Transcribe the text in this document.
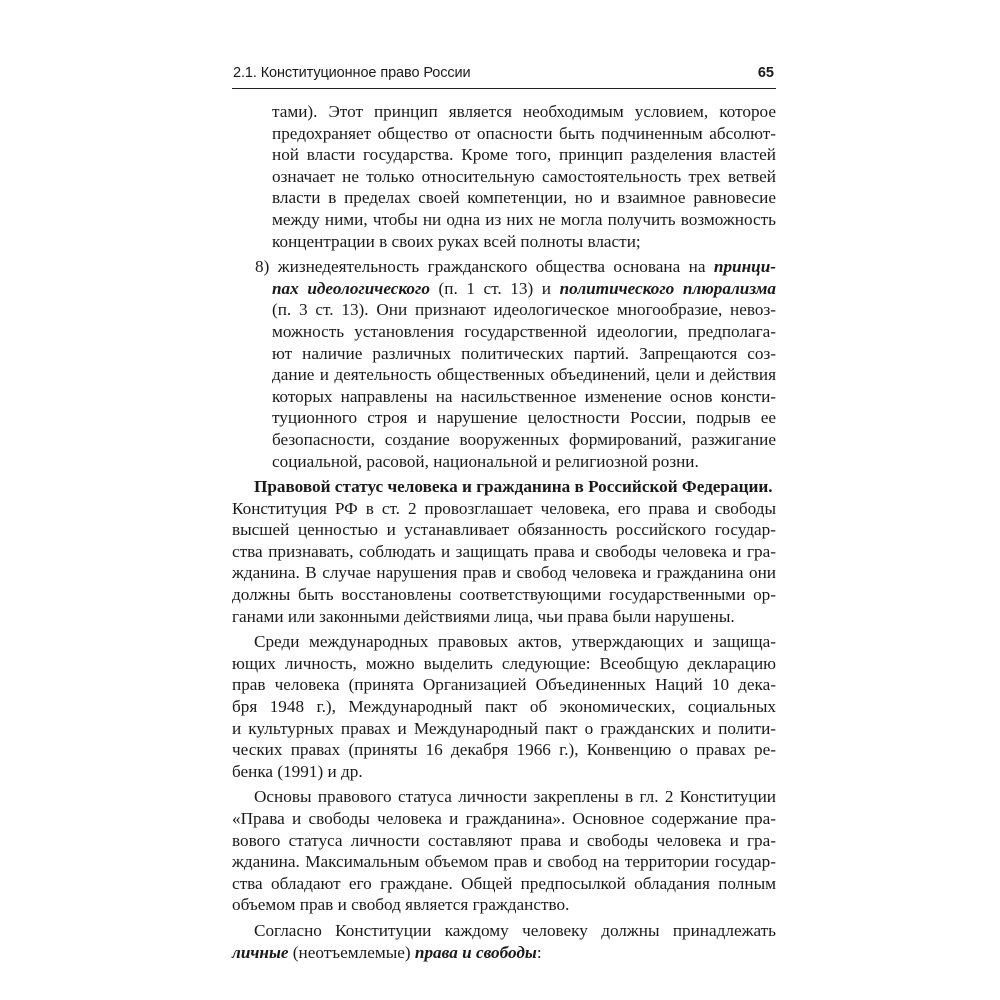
2.1. Конституционное право России	65
тами). Этот принцип является необходимым условием, которое
предохраняет общество от опасности быть подчиненным абсолют-
ной власти государства. Кроме того, принцип разделения властей
означает не только относительную самостоятельность трех ветвей
власти в пределах своей компетенции, но и взаимное равновесие
между ними, чтобы ни одна из них не могла получить возможность
концентрации в своих руках всей полноты власти;
8) жизнедеятельность гражданского общества основана на принци-
пах идеологического (п. 1 ст. 13) и политического плюрализма
(п. 3 ст. 13). Они признают идеологическое многообразие, невоз-
можность установления государственной идеологии, предполага-
ют наличие различных политических партий. Запрещаются соз-
дание и деятельность общественных объединений, цели и действия
которых направлены на насильственное изменение основ консти-
туционного строя и нарушение целостности России, подрыв ее
безопасности, создание вооруженных формирований, разжигание
социальной, расовой, национальной и религиозной розни.
Правовой статус человека и гражданина в Российской Федерации.
Конституция РФ в ст. 2 провозглашает человека, его права и свободы
высшей ценностью и устанавливает обязанность российского государ-
ства признавать, соблюдать и защищать права и свободы человека и гра-
жданина. В случае нарушения прав и свобод человека и гражданина они
должны быть восстановлены соответствующими государственными ор-
ганами или законными действиями лица, чьи права были нарушены.
Среди международных правовых актов, утверждающих и защища-
ющих личность, можно выделить следующие: Всеобщую декларацию
прав человека (принята Организацией Объединенных Наций 10 дека-
бря 1948 г.), Международный пакт об экономических, социальных
и культурных правах и Международный пакт о гражданских и полити-
ческих правах (приняты 16 декабря 1966 г.), Конвенцию о правах ре-
бенка (1991) и др.
Основы правового статуса личности закреплены в гл. 2 Конституции
«Права и свободы человека и гражданина». Основное содержание пра-
вового статуса личности составляют права и свободы человека и гра-
жданина. Максимальным объемом прав и свобод на территории государ-
ства обладают его граждане. Общей предпосылкой обладания полным
объемом прав и свобод является гражданство.
Согласно Конституции каждому человеку должны принадлежать
личные (неотъемлемые) права и свободы:
